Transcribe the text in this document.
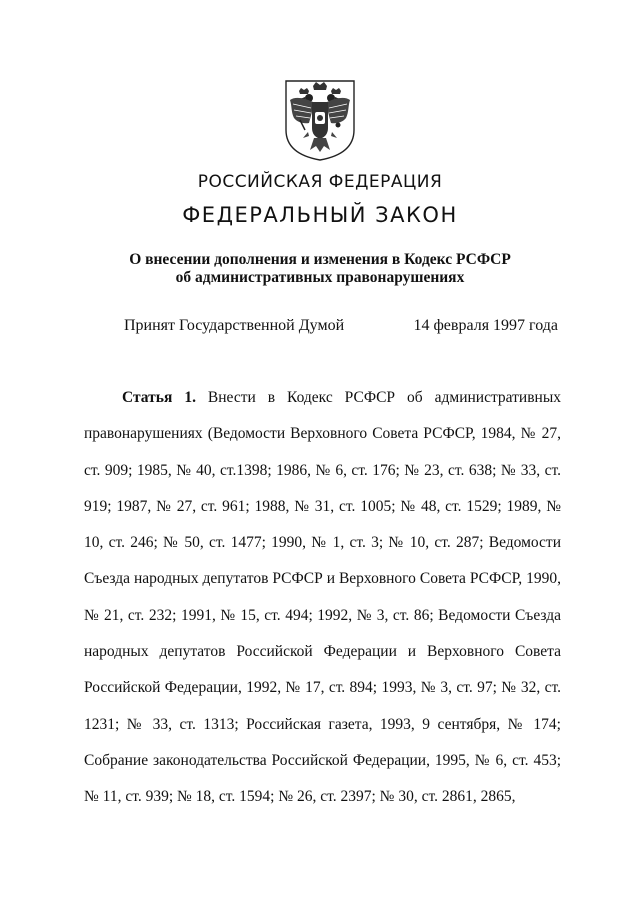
РОССИЙСКАЯ ФЕДЕРАЦИЯ
ФЕДЕРАЛЬНЫЙ ЗАКОН
О внесении дополнения и изменения в Кодекс РСФСР
об административных правонарушениях
Принят Государственной Думой	14 февраля 1997 года

Статья 1. Внести в Кодекс РСФСР об административных правонарушениях (Ведомости Верховного Совета РСФСР, 1984, № 27, ст. 909; 1985, № 40, ст.1398; 1986, № 6, ст. 176; № 23, ст. 638; № 33, ст. 919; 1987, № 27, ст. 961; 1988, № 31, ст. 1005; № 48, ст. 1529; 1989, № 10, ст. 246; № 50, ст. 1477; 1990, № 1, ст. 3; № 10, ст. 287; Ведомости Съезда народных депутатов РСФСР и Верховного Совета РСФСР, 1990, № 21, ст. 232; 1991, № 15, ст. 494; 1992, № 3, ст. 86; Ведомости Съезда народных депутатов Российской Федерации и Верховного Совета Российской Федерации, 1992, № 17, ст. 894; 1993, № 3, ст. 97; № 32, ст. 1231; № 33, ст. 1313; Российская газета, 1993, 9 сентября, № 174; Собрание законодательства Российской Федерации, 1995, № 6, ст. 453; № 11, ст. 939; № 18, ст. 1594; № 26, ст. 2397; № 30, ст. 2861, 2865,
